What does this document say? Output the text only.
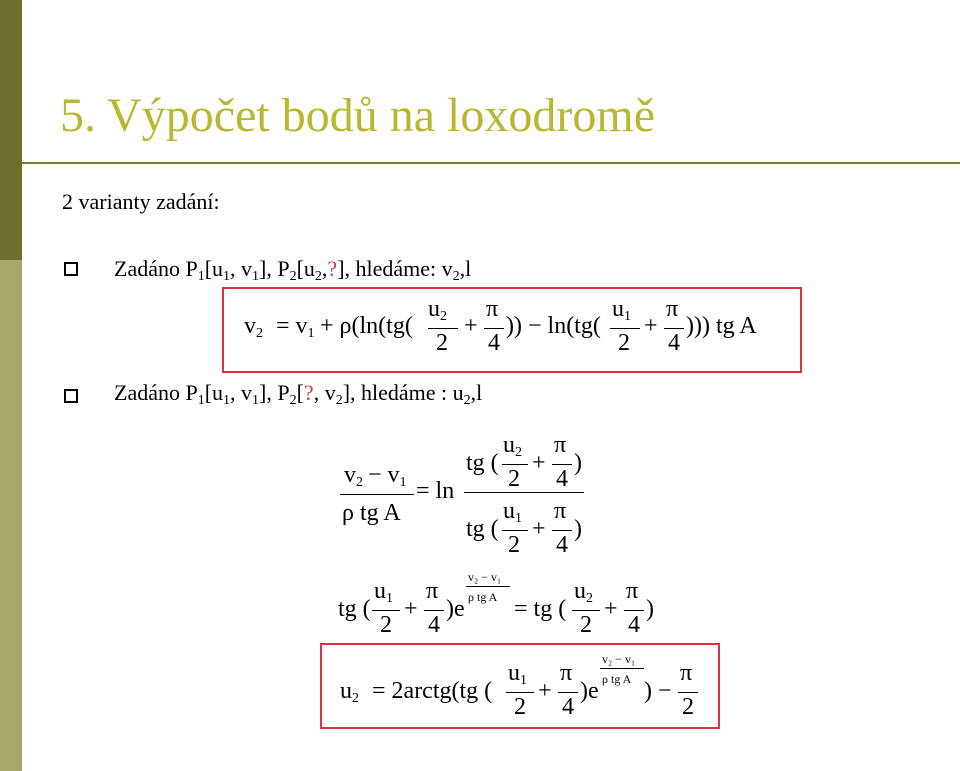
5. Výpočet bodů na loxodromě
2 varianty zadání:
Zadáno $P_1[u_1$, $v_1$], $P_2[u_2,?]$, hledáme: $v_2,l$
$v_2 = v_1 + \rho(\ln(tg$(
$u_2$
2
+
π
4
)) − ln(tg(
$u_1$
2
+
π
4
))) tg A
Zadáno $P_1[u_1$, $v_1$], $P_2$[?, $v_2$], hledáme : $u_2,l$
$v_2 - v_1$
ρ tg A
= ln
tg (
$u_2$
2
+
π
4
)
tg (
$u_1$
2
+
π
4
)
tg (
$u_1$
2
+
π
4
)e
v₂ − v₁
ρ tg A = tg (
$u_2$
2
+
π
4
)
$u_2$ = 2arctg(tg (
$u_1$
2
+
π
4
)e
v₂ − v₁
ρ tg A ) −
π
2
